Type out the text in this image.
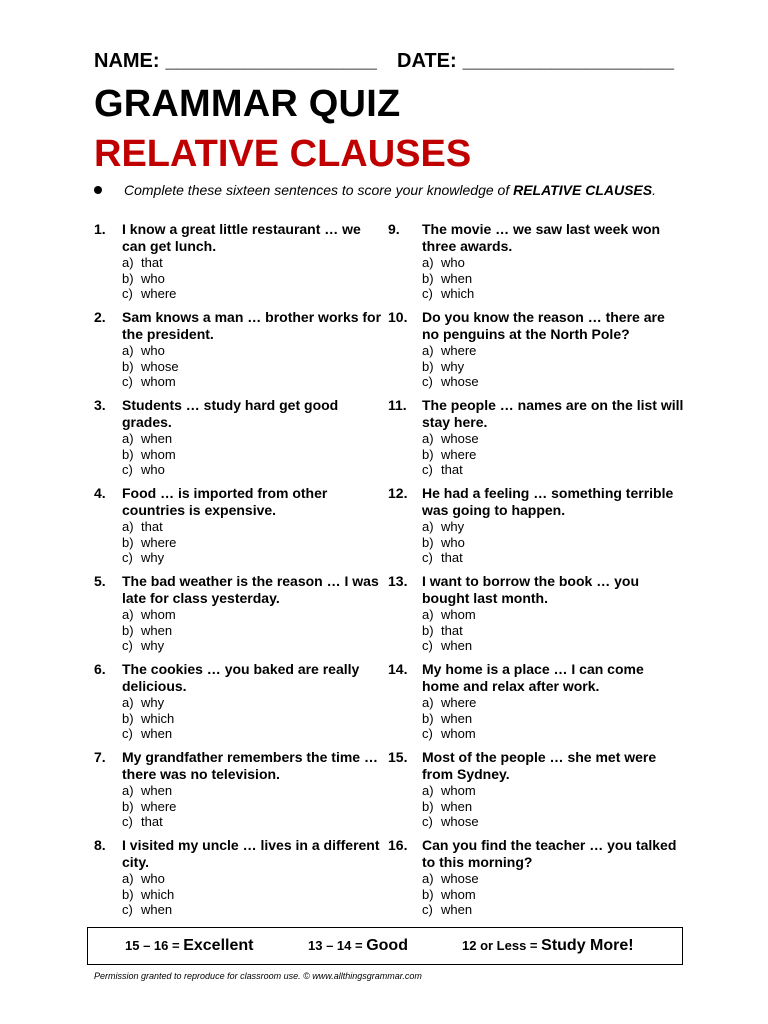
NAME: ___________________ DATE: ___________________
GRAMMAR QUIZ
RELATIVE CLAUSES
Complete these sixteen sentences to score your knowledge of RELATIVE CLAUSES.
1.	I know a great little restaurant … we can get lunch.
a) that
b) who
c) where
2.	Sam knows a man … brother works for the president.
a) who
b) whose
c) whom
3.	Students … study hard get good grades.
a) when
b) whom
c) who
4.	Food … is imported from other countries is expensive.
a) that
b) where
c) why
5.	The bad weather is the reason … I was late for class yesterday.
a) whom
b) when
c) why
6.	The cookies … you baked are really delicious.
a) why
b) which
c) when
7.	My grandfather remembers the time … there was no television.
a) when
b) where
c) that
8.	I visited my uncle … lives in a different city.
a) who
b) which
c) when
9.	The movie … we saw last week won three awards.
a) who
b) when
c) which
10.	Do you know the reason … there are no penguins at the North Pole?
a) where
b) why
c) whose
11.	The people … names are on the list will stay here.
a) whose
b) where
c) that
12.	He had a feeling … something terrible was going to happen.
a) why
b) who
c) that
13.	I want to borrow the book … you bought last month.
a) whom
b) that
c) when
14.	My home is a place … I can come home and relax after work.
a) where
b) when
c) whom
15.	Most of the people … she met were from Sydney.
a) whom
b) when
c) whose
16.	Can you find the teacher … you talked to this morning?
a) whose
b) whom
c) when
15 – 16 = Excellent	13 – 14 = Good	12 or Less = Study More!
Permission granted to reproduce for classroom use. © www.allthingsgrammar.com
